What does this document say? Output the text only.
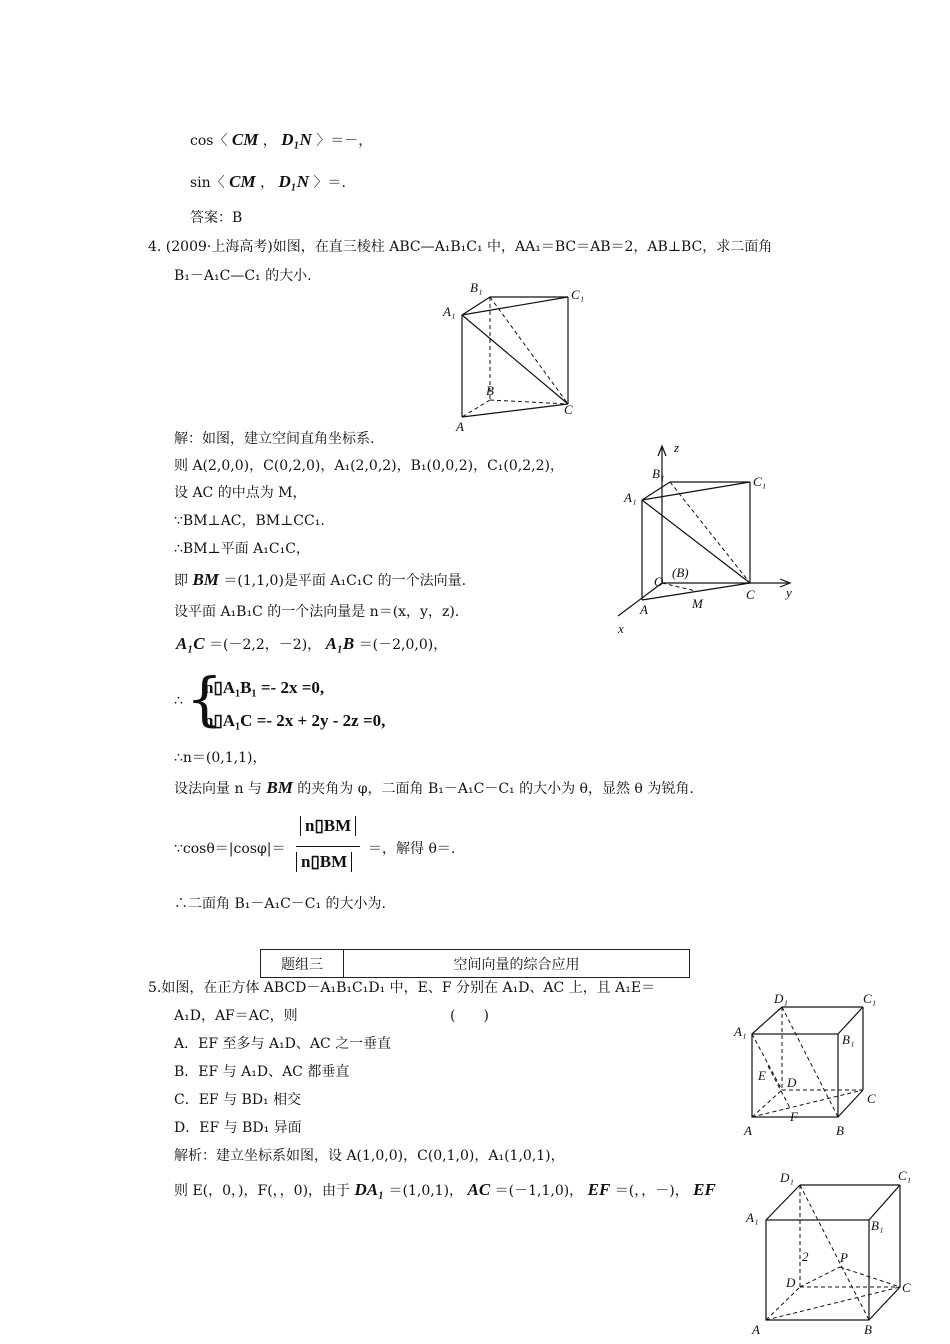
cos〈 CM ， D₁N 〉＝－，
sin〈 CM ， D₁N 〉＝.
答案：B
4. (2009·上海高考)如图，在直三棱柱 ABC—A₁B₁C₁ 中，AA₁＝BC＝AB＝2，AB⊥BC，求二面角
B₁－A₁C—C₁ 的大小.
B₁	C₁
A₁
B
C
A
解：如图，建立空间直角坐标系.
则 A(2,0,0)，C(0,2,0)，A₁(2,0,2)，B₁(0,0,2)，C₁(0,2,2)，
设 AC 的中点为 M，
∵BM⊥AC，BM⊥CC₁.
∴BM⊥平面 A₁C₁C，
即 BM ＝(1,1,0)是平面 A₁C₁C 的一个法向量.
设平面 A₁B₁C 的一个法向量是 n＝(x，y，z).
A₁C ＝(－2,2，－2)， A₁B ＝(－2,0,0)，
∴ {
n▯A₁B₁ =- 2x =0,
n▯A₁C =- 2x + 2y - 2z =0,
∴n＝(0,1,1)，
设法向量 n 与 BM 的夹角为 φ，二面角 B₁－A₁C－C₁ 的大小为 θ，显然 θ 为锐角.
∵cosθ＝|cosφ|＝
n▯BM
n▯BM
＝，解得 θ＝.
∴二面角 B₁－A₁C－C₁ 的大小为.
z
y
x
B₁
C₁
A₁
O
(B)
C
A	M
题组三	空间向量的综合应用
5.如图，在正方体 ABCD－A₁B₁C₁D₁ 中，E、F 分别在 A₁D、AC 上，且 A₁E＝
A₁D，AF＝AC，则	(　　)
A．EF 至多与 A₁D、AC 之一垂直
B．EF 与 A₁D、AC 都垂直
C．EF 与 BD₁ 相交
D．EF 与 BD₁ 异面
解析：建立坐标系如图，设 A(1,0,0)，C(0,1,0)，A₁(1,0,1)，
则 E(，0，)，F(，，0)，由于 DA₁ ＝(1,0,1)， AC ＝(－1,1,0)， EF ＝(，，－)， EF
D₁	C₁
A₁
B₁
E D
C
F
A	B
D₁	C₁
A₁
B₁
2 P
D	C
A	B
